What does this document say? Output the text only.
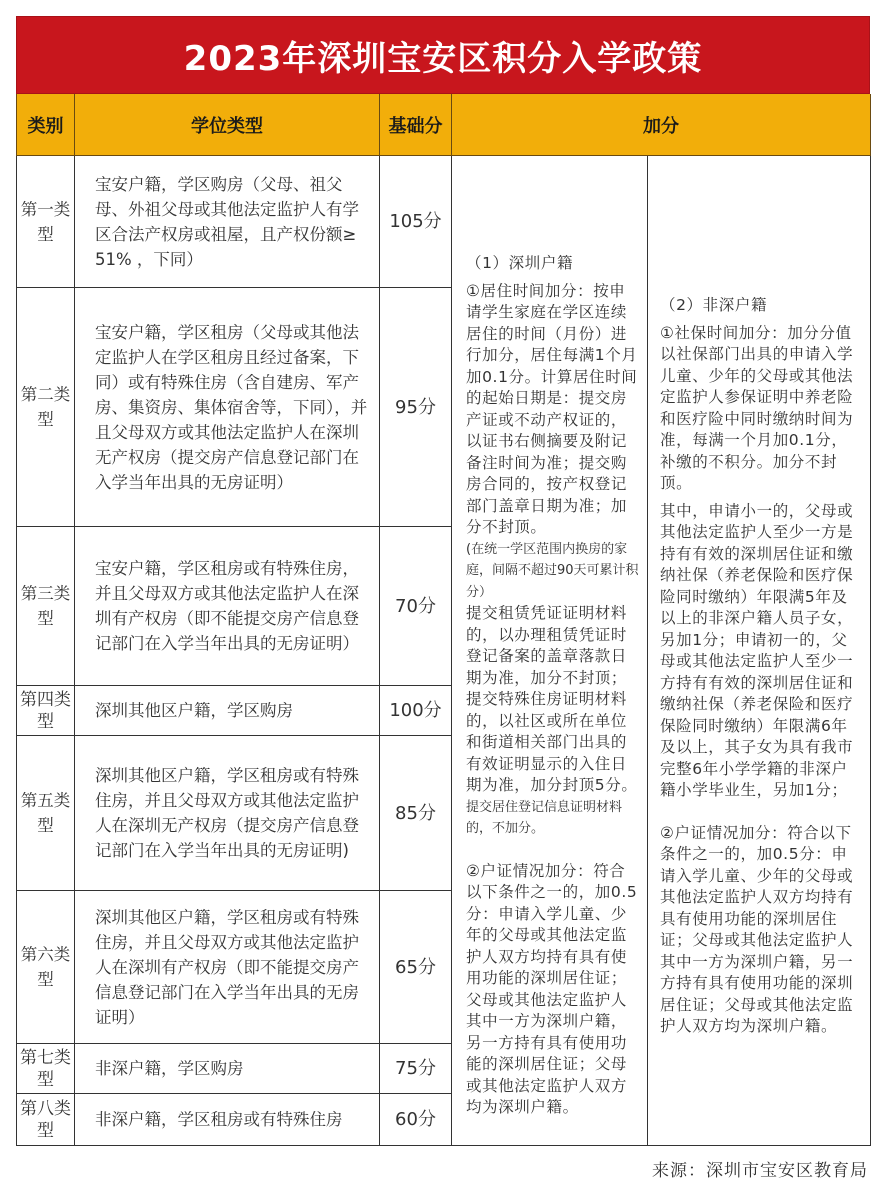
2023年深圳宝安区积分入学政策
类别	学位类型	基础分	加分	
第一类型	宝安户籍，学区购房（父母、祖父母、外祖父母或其他法定监护人有学区合法产权房或祖屋，且产权份额≥ 51% ，下同）	105分	

（1）深圳户籍

①居住时间加分：按申请学生家庭在学区连续居住的时间（月份）进行加分，居住每满1个月加0.1分。计算居住时间的起始日期是：提交房产证或不动产权证的，以证书右侧摘要及附记备注时间为准；提交购房合同的，按产权登记部门盖章日期为准；加分不封顶。

(在统一学区范围内换房的家庭，间隔不超过90天可累计积分）

提交租赁凭证证明材料的，以办理租赁凭证时登记备案的盖章落款日期为准，加分不封顶；提交特殊住房证明材料的，以社区或所在单位和街道相关部门出具的有效证明显示的入住日期为准，加分封顶5分。

提交居住登记信息证明材料的，不加分。

②户证情况加分：符合以下条件之一的，加0.5分：申请入学儿童、少年的父母或其他法定监护人双方均持有具有使用功能的深圳居住证；父母或其他法定监护人其中一方为深圳户籍，另一方持有具有使用功能的深圳居住证；父母或其他法定监护人双方均为深圳户籍。

（2）非深户籍

①社保时间加分：加分分值以社保部门出具的申请入学儿童、少年的父母或其他法定监护人参保证明中养老险和医疗险中同时缴纳时间为准，每满一个月加0.1分，补缴的不积分。加分不封顶。

其中，申请小一的，父母或其他法定监护人至少一方是持有有效的深圳居住证和缴纳社保（养老保险和医疗保险同时缴纳）年限满5年及以上的非深户籍人员子女，另加1分；申请初一的，父母或其他法定监护人至少一方持有有效的深圳居住证和缴纳社保（养老保险和医疗保险同时缴纳）年限满6年及以上，其子女为具有我市完整6年小学学籍的非深户籍小学毕业生，另加1分；

②户证情况加分：符合以下条件之一的，加0.5分：申请入学儿童、少年的父母或其他法定监护人双方均持有具有使用功能的深圳居住证；父母或其他法定监护人其中一方为深圳户籍，另一方持有具有使用功能的深圳居住证；父母或其他法定监护人双方均为深圳户籍。

第二类型	宝安户籍，学区租房（父母或其他法定监护人在学区租房且经过备案，下同）或有特殊住房（含自建房、军产房、集资房、集体宿舍等，下同），并且父母双方或其他法定监护人在深圳无产权房（提交房产信息登记部门在入学当年出具的无房证明）	95分		
第三类型	宝安户籍，学区租房或有特殊住房，并且父母双方或其他法定监护人在深圳有产权房（即不能提交房产信息登记部门在入学当年出具的无房证明）	70分		
第四类型	深圳其他区户籍，学区购房	100分		
第五类型	深圳其他区户籍，学区租房或有特殊住房，并且父母双方或其他法定监护人在深圳无产权房（提交房产信息登记部门在入学当年出具的无房证明)	85分		
第六类型	深圳其他区户籍，学区租房或有特殊住房，并且父母双方或其他法定监护人在深圳有产权房（即不能提交房产信息登记部门在入学当年出具的无房证明）	65分		
第七类型	非深户籍，学区购房	75分		
第八类型	非深户籍，学区租房或有特殊住房	60分		
来源：深圳市宝安区教育局
